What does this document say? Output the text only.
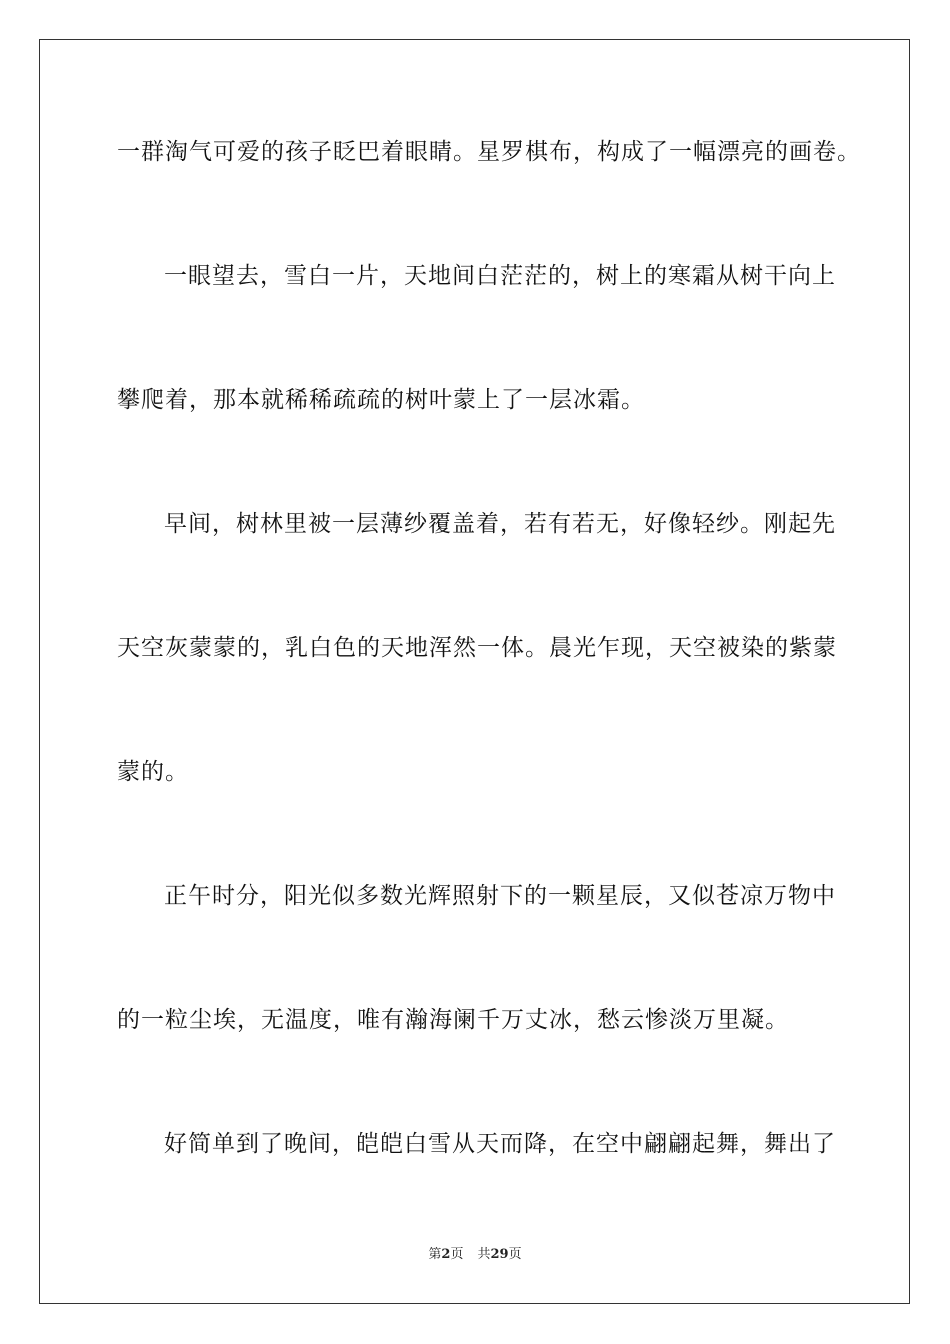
一群淘气可爱的孩子眨巴着眼睛。星罗棋布，构成了一幅漂亮的画卷。
一眼望去，雪白一片，天地间白茫茫的，树上的寒霜从树干向上
攀爬着，那本就稀稀疏疏的树叶蒙上了一层冰霜。
早间，树林里被一层薄纱覆盖着，若有若无，好像轻纱。刚起先
天空灰蒙蒙的，乳白色的天地浑然一体。晨光乍现，天空被染的紫蒙
蒙的。
正午时分，阳光似多数光辉照射下的一颗星辰，又似苍凉万物中
的一粒尘埃，无温度，唯有瀚海阑千万丈冰，愁云惨淡万里凝。
好简单到了晚间，皑皑白雪从天而降，在空中翩翩起舞，舞出了
第2页 共29页
